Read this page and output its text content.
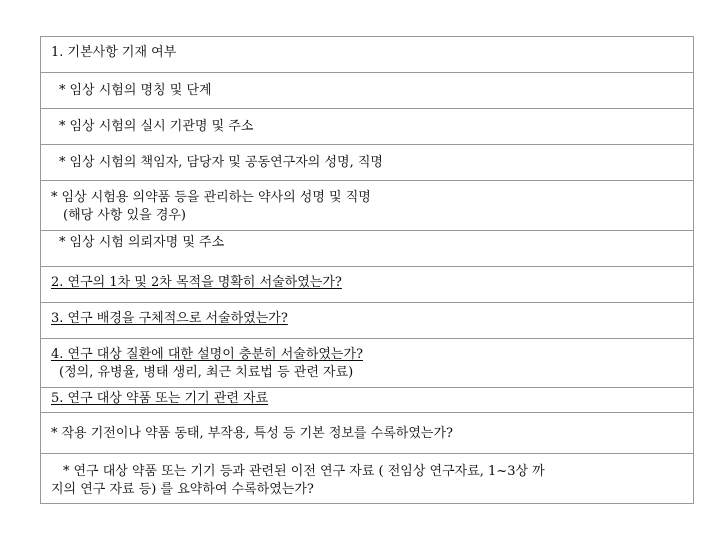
1. 기본사항 기재 여부
* 임상 시험의 명칭 및 단계
* 임상 시험의 실시 기관명 및 주소
* 임상 시험의 책임자, 담당자 및 공동연구자의 성명, 직명
* 임상 시험용 의약품 등을 관리하는 약사의 성명 및 직명
(해당 사항 있을 경우)
* 임상 시험 의뢰자명 및 주소
2. 연구의 1차 및 2차 목적을 명확히 서술하였는가?
3. 연구 배경을 구체적으로 서술하였는가?
4. 연구 대상 질환에 대한 설명이 충분히 서술하였는가?
(정의, 유병율, 병태 생리, 최근 치료법 등 관련 자료)
5. 연구 대상 약품 또는 기기 관련 자료
* 작용 기전이나 약품 동태, 부작용, 특성 등 기본 정보를 수록하였는가?
* 연구 대상 약품 또는 기기 등과 관련된 이전 연구 자료 ( 전임상 연구자료, 1~3상 까
지의 연구 자료 등) 를 요약하여 수록하였는가?
